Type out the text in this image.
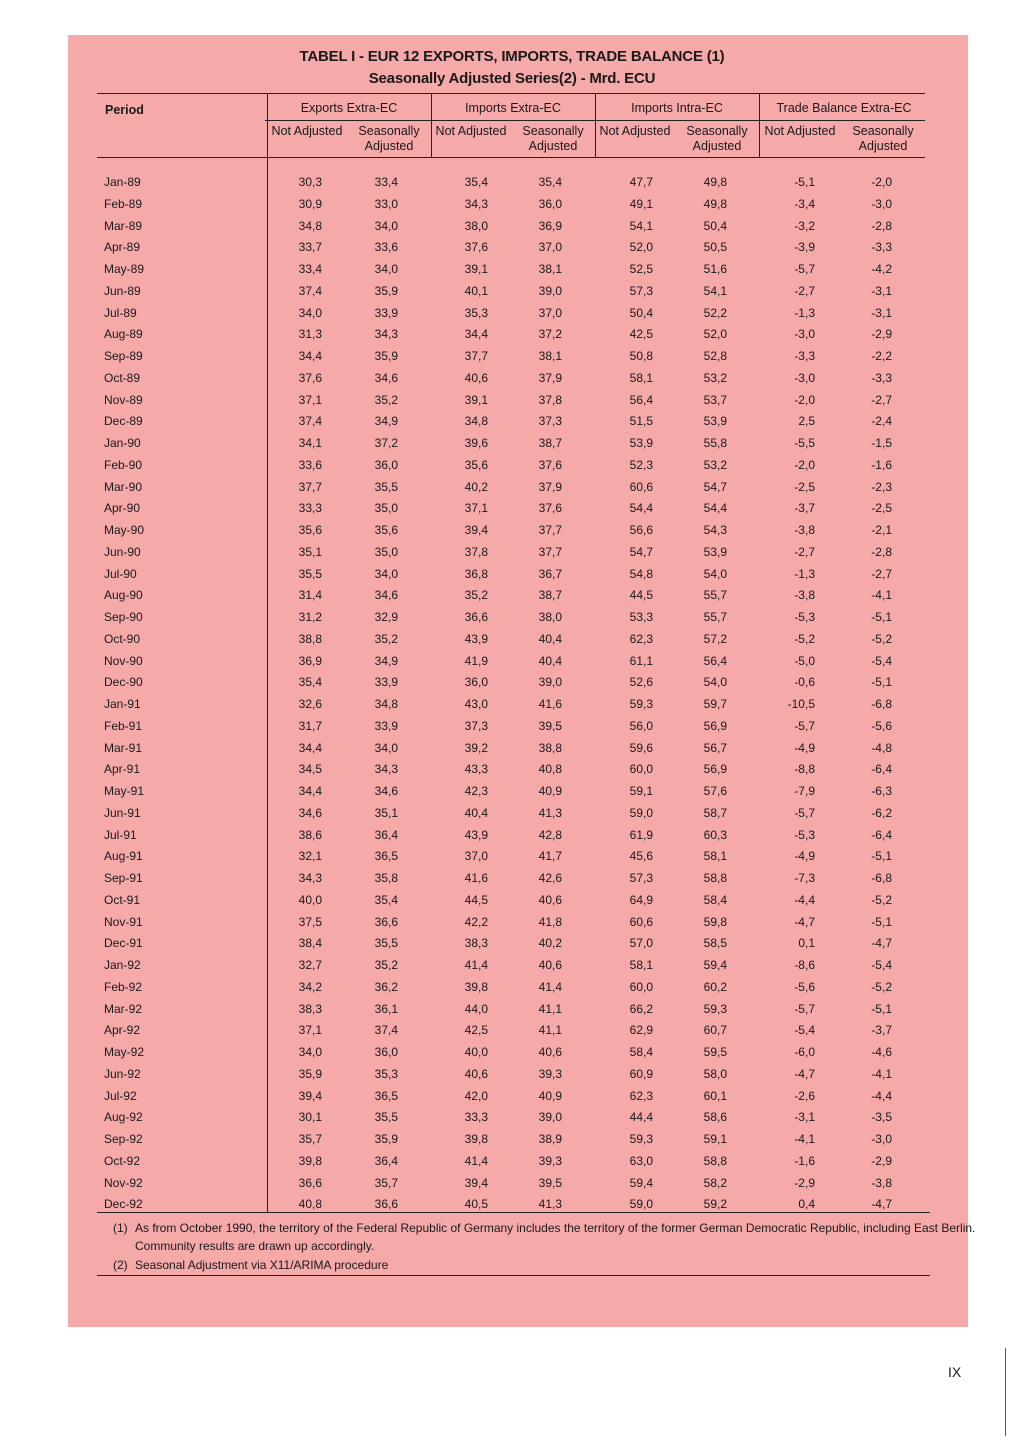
TABEL I - EUR 12 EXPORTS, IMPORTS, TRADE BALANCE (1)
Seasonally Adjusted Series(2) - Mrd. ECU
Period	Exports Extra-EC	Imports Extra-EC	Imports Intra-EC	Trade Balance Extra-EC
Not Adjusted	Seasonally
Adjusted
Not Adjusted	Seasonally
Adjusted
Not Adjusted	Seasonally
Adjusted
Not Adjusted	Seasonally
Adjusted
Jan-89	30,3	33,4	35,4	35,4	47,7	49,8	-5,1	-2,0
Feb-89	30,9	33,0	34,3	36,0	49,1	49,8	-3,4	-3,0
Mar-89	34,8	34,0	38,0	36,9	54,1	50,4	-3,2	-2,8
Apr-89	33,7	33,6	37,6	37,0	52,0	50,5	-3,9	-3,3
May-89	33,4	34,0	39,1	38,1	52,5	51,6	-5,7	-4,2
Jun-89	37,4	35,9	40,1	39,0	57,3	54,1	-2,7	-3,1
Jul-89	34,0	33,9	35,3	37,0	50,4	52,2	-1,3	-3,1
Aug-89	31,3	34,3	34,4	37,2	42,5	52,0	-3,0	-2,9
Sep-89	34,4	35,9	37,7	38,1	50,8	52,8	-3,3	-2,2
Oct-89	37,6	34,6	40,6	37,9	58,1	53,2	-3,0	-3,3
Nov-89	37,1	35,2	39,1	37,8	56,4	53,7	-2,0	-2,7
Dec-89	37,4	34,9	34,8	37,3	51,5	53,9	2,5	-2,4
Jan-90	34,1	37,2	39,6	38,7	53,9	55,8	-5,5	-1,5
Feb-90	33,6	36,0	35,6	37,6	52,3	53,2	-2,0	-1,6
Mar-90	37,7	35,5	40,2	37,9	60,6	54,7	-2,5	-2,3
Apr-90	33,3	35,0	37,1	37,6	54,4	54,4	-3,7	-2,5
May-90	35,6	35,6	39,4	37,7	56,6	54,3	-3,8	-2,1
Jun-90	35,1	35,0	37,8	37,7	54,7	53,9	-2,7	-2,8
Jul-90	35,5	34,0	36,8	36,7	54,8	54,0	-1,3	-2,7
Aug-90	31,4	34,6	35,2	38,7	44,5	55,7	-3,8	-4,1
Sep-90	31,2	32,9	36,6	38,0	53,3	55,7	-5,3	-5,1
Oct-90	38,8	35,2	43,9	40,4	62,3	57,2	-5,2	-5,2
Nov-90	36,9	34,9	41,9	40,4	61,1	56,4	-5,0	-5,4
Dec-90	35,4	33,9	36,0	39,0	52,6	54,0	-0,6	-5,1
Jan-91	32,6	34,8	43,0	41,6	59,3	59,7	-10,5	-6,8
Feb-91	31,7	33,9	37,3	39,5	56,0	56,9	-5,7	-5,6
Mar-91	34,4	34,0	39,2	38,8	59,6	56,7	-4,9	-4,8
Apr-91	34,5	34,3	43,3	40,8	60,0	56,9	-8,8	-6,4
May-91	34,4	34,6	42,3	40,9	59,1	57,6	-7,9	-6,3
Jun-91	34,6	35,1	40,4	41,3	59,0	58,7	-5,7	-6,2
Jul-91	38,6	36,4	43,9	42,8	61,9	60,3	-5,3	-6,4
Aug-91	32,1	36,5	37,0	41,7	45,6	58,1	-4,9	-5,1
Sep-91	34,3	35,8	41,6	42,6	57,3	58,8	-7,3	-6,8
Oct-91	40,0	35,4	44,5	40,6	64,9	58,4	-4,4	-5,2
Nov-91	37,5	36,6	42,2	41,8	60,6	59,8	-4,7	-5,1
Dec-91	38,4	35,5	38,3	40,2	57,0	58,5	0,1	-4,7
Jan-92	32,7	35,2	41,4	40,6	58,1	59,4	-8,6	-5,4
Feb-92	34,2	36,2	39,8	41,4	60,0	60,2	-5,6	-5,2
Mar-92	38,3	36,1	44,0	41,1	66,2	59,3	-5,7	-5,1
Apr-92	37,1	37,4	42,5	41,1	62,9	60,7	-5,4	-3,7
May-92	34,0	36,0	40,0	40,6	58,4	59,5	-6,0	-4,6
Jun-92	35,9	35,3	40,6	39,3	60,9	58,0	-4,7	-4,1
Jul-92	39,4	36,5	42,0	40,9	62,3	60,1	-2,6	-4,4
Aug-92	30,1	35,5	33,3	39,0	44,4	58,6	-3,1	-3,5
Sep-92	35,7	35,9	39,8	38,9	59,3	59,1	-4,1	-3,0
Oct-92	39,8	36,4	41,4	39,3	63,0	58,8	-1,6	-2,9
Nov-92	36,6	35,7	39,4	39,5	59,4	58,2	-2,9	-3,8
Dec-92	40,8	36,6	40,5	41,3	59,0	59,2	0,4	-4,7
(1) As from October 1990, the territory of the Federal Republic of Germany includes the territory of the former German Democratic Republic, including East Berlin.
Community results are drawn up accordingly.
(2) Seasonal Adjustment via X11/ARIMA procedure
IX
